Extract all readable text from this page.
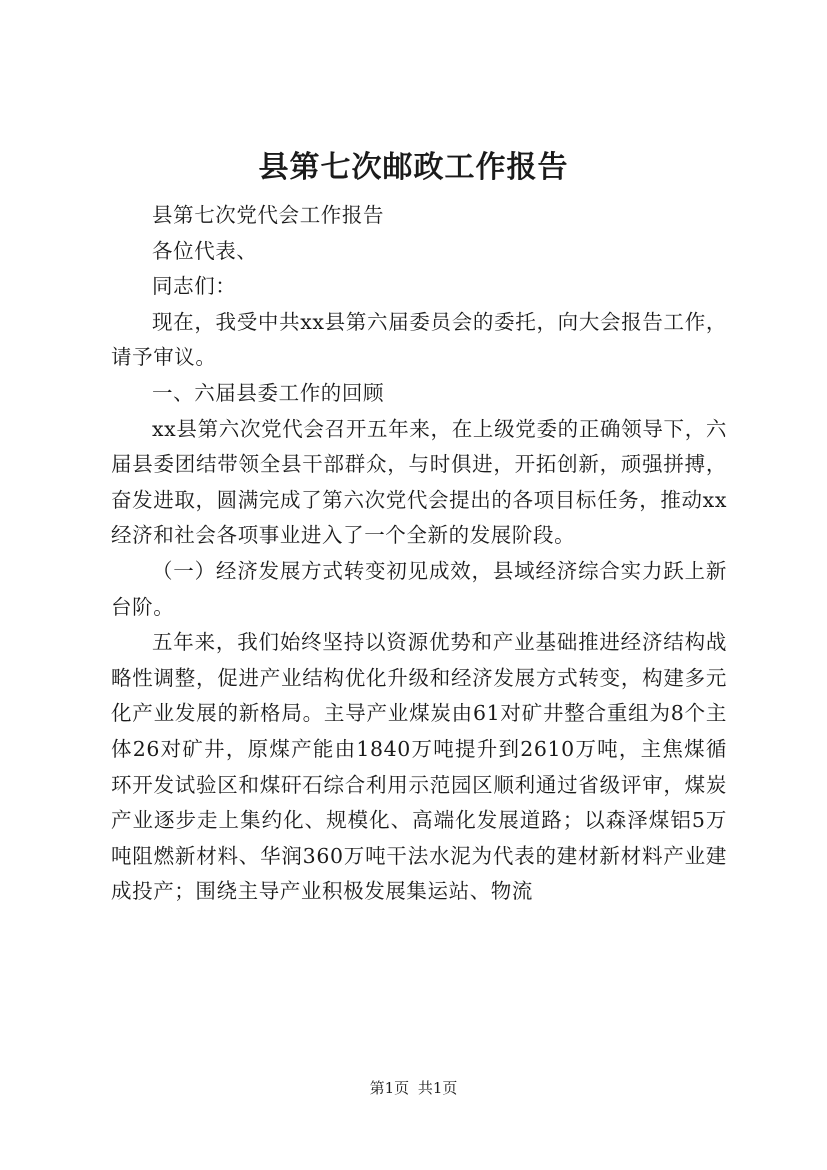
县第七次邮政工作报告

县第七次党代会工作报告

各位代表、

同志们：

现在，我受中共xx县第六届委员会的委托，向大会报告工作，请予审议。

一、六届县委工作的回顾

xx县第六次党代会召开五年来，在上级党委的正确领导下，六届县委团结带领全县干部群众，与时俱进，开拓创新，顽强拼搏，奋发进取，圆满完成了第六次党代会提出的各项目标任务，推动xx经济和社会各项事业进入了一个全新的发展阶段。

（一）经济发展方式转变初见成效，县域经济综合实力跃上新台阶。

五年来，我们始终坚持以资源优势和产业基础推进经济结构战略性调整，促进产业结构优化升级和经济发展方式转变，构建多元化产业发展的新格局。主导产业煤炭由61对矿井整合重组为8个主体26对矿井，原煤产能由1840万吨提升到2610万吨，主焦煤循环开发试验区和煤矸石综合利用示范园区顺利通过省级评审，煤炭产业逐步走上集约化、规模化、高端化发展道路；以森泽煤铝5万吨阻燃新材料、华润360万吨干法水泥为代表的建材新材料产业建成投产；围绕主导产业积极发展集运站、物流

第1页 共1页
